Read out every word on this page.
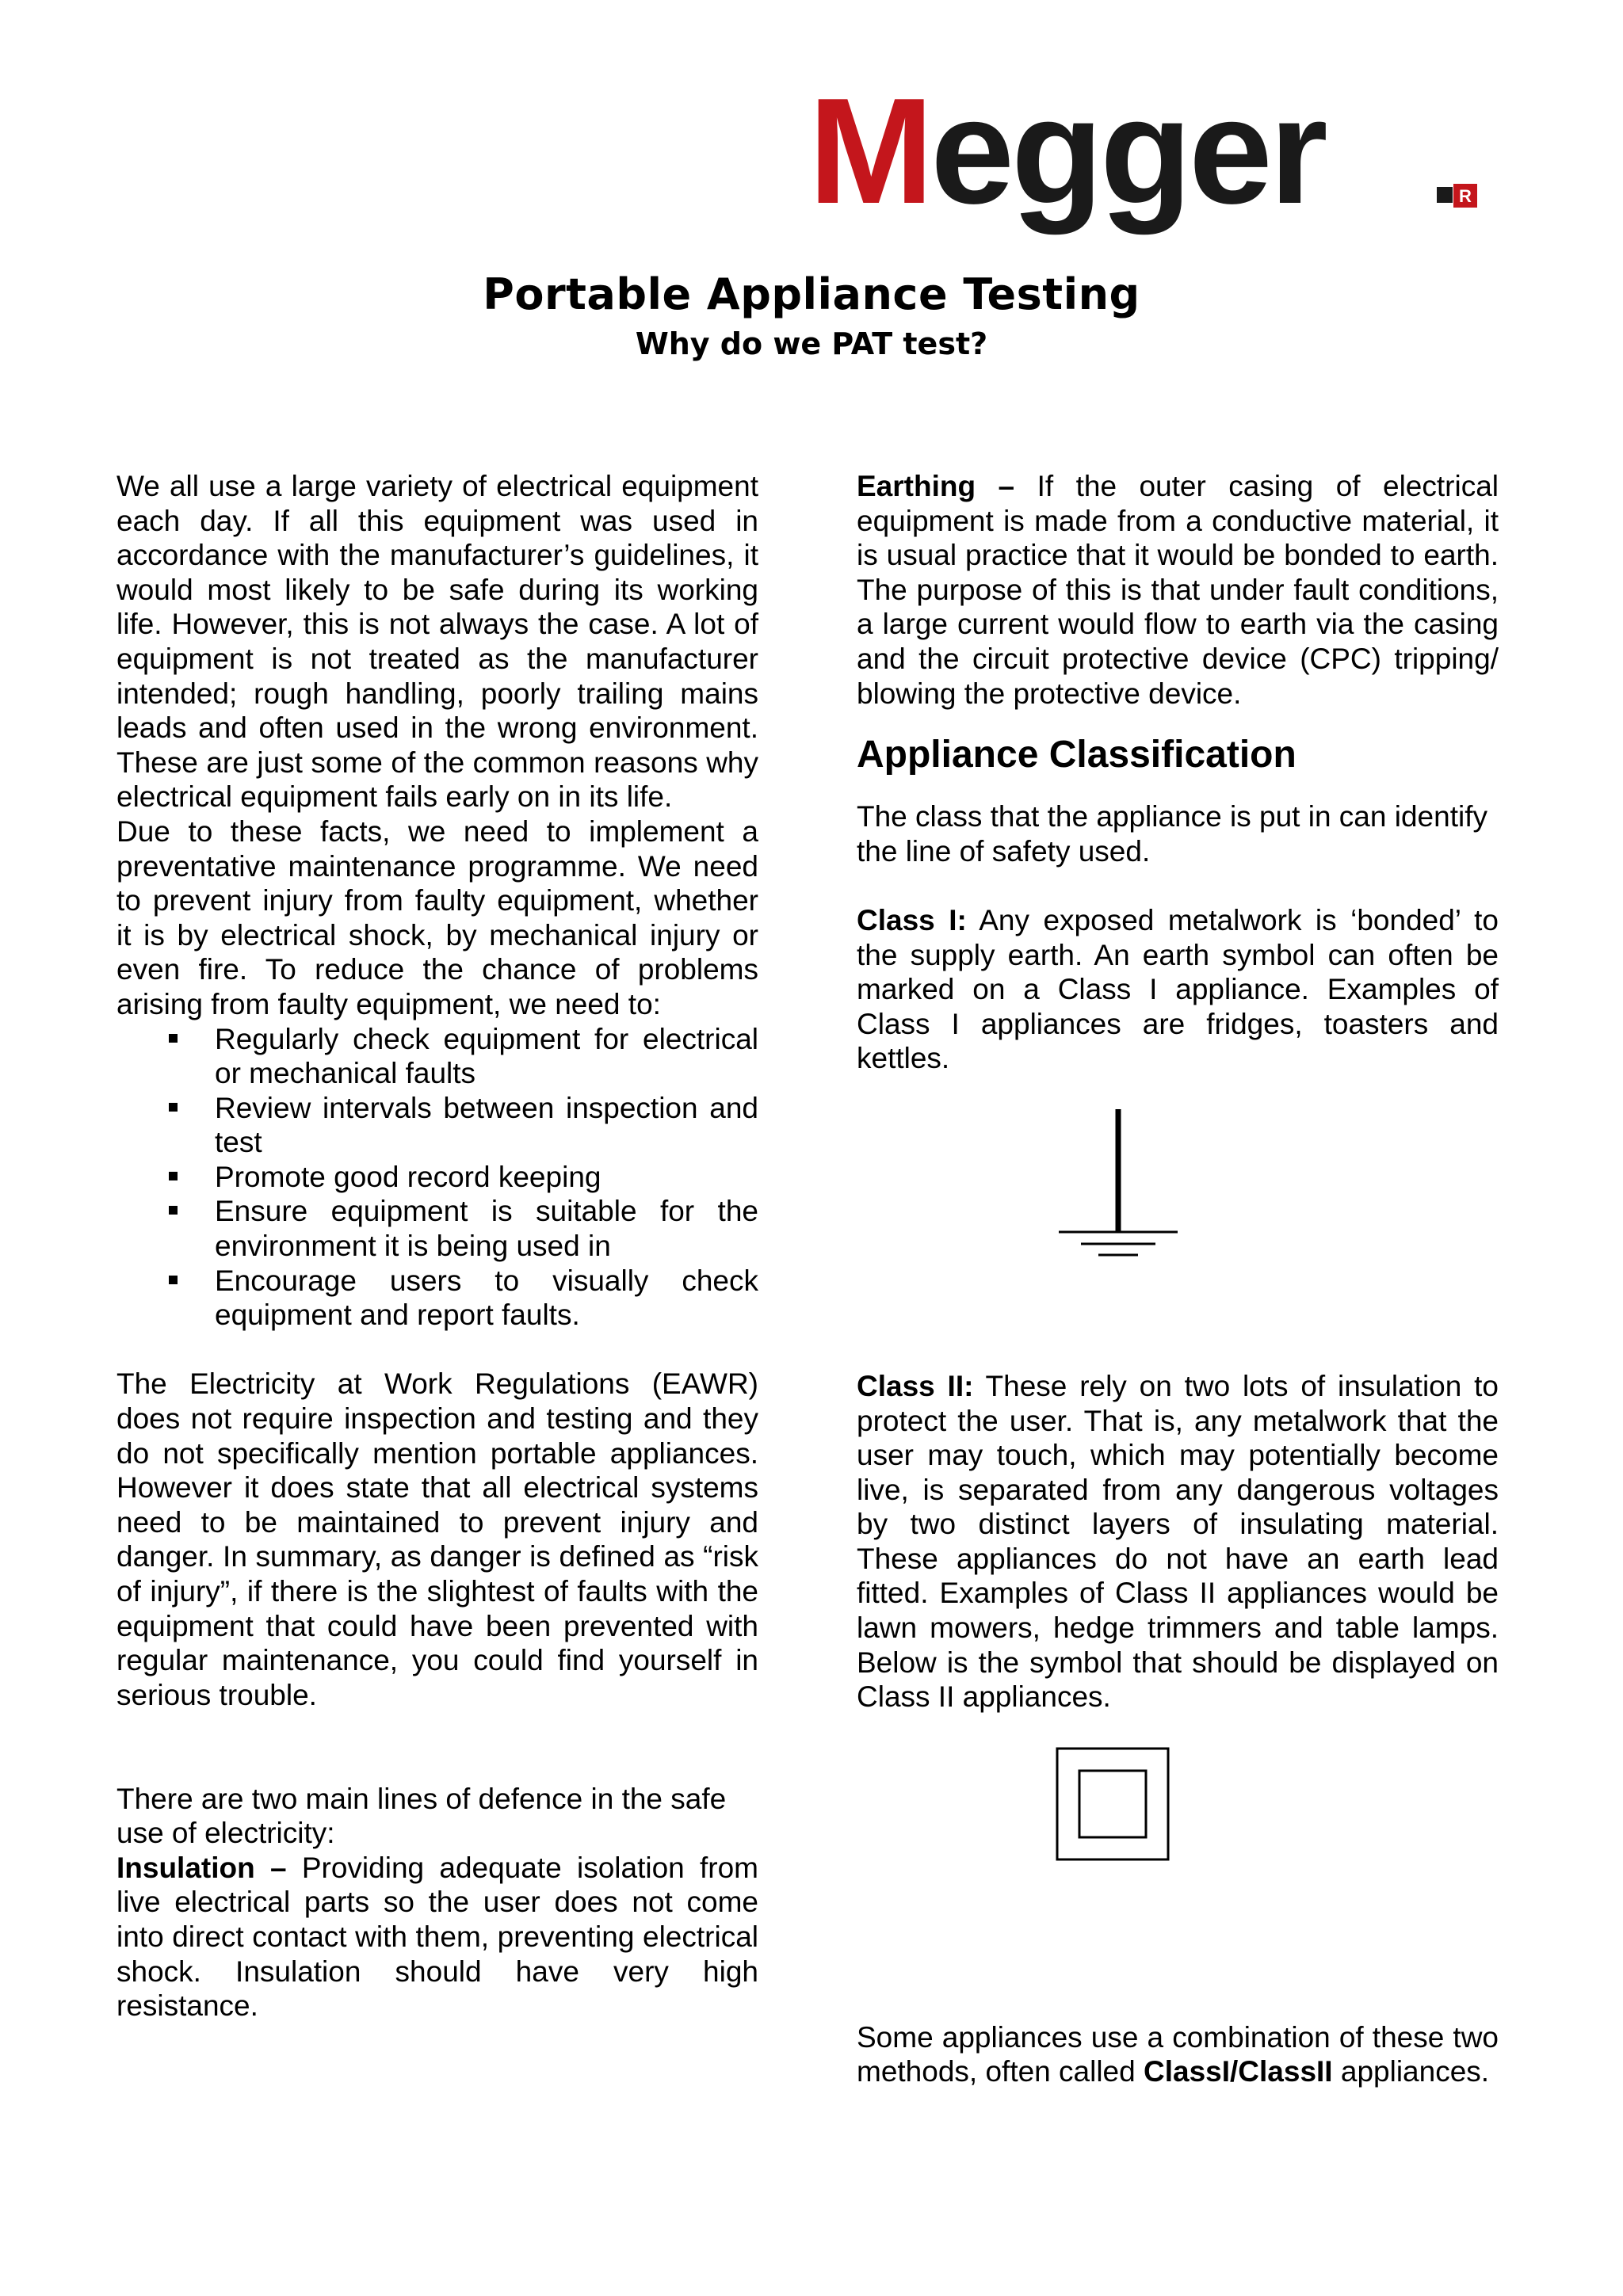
Megger	R
Portable Appliance Testing
Why do we PAT test?

We all use a large variety of electrical equipment each day. If all this equipment was used in accordance with the manufacturer’s guidelines, it would most likely to be safe during its working life. However, this is not always the case. A lot of equipment is not treated as the manufacturer intended; rough handling, poorly trailing mains leads and often used in the wrong environment. These are just some of the common reasons why electrical equipment fails early on in its life.

Due to these facts, we need to implement a preventative maintenance programme. We need to prevent injury from faulty equipment, whether it is by electrical shock, by mechanical injury or even fire. To reduce the chance of problems arising from faulty equipment, we need to:

Regularly check equipment for electrical or mechanical faults
Review intervals between inspection and test
Promote good record keeping
Ensure equipment is suitable for the environment it is being used in
Encourage users to visually check equipment and report faults.

The Electricity at Work Regulations (EAWR) does not require inspection and testing and they do not specifically mention portable appliances. However it does state that all electrical systems need to be maintained to prevent injury and danger. In summary, as danger is defined as “risk of injury”, if there is the slightest of faults with the equipment that could have been prevented with regular maintenance, you could find yourself in serious trouble.

There are two main lines of defence in the safe use of electricity:

Insulation – Providing adequate isolation from live electrical parts so the user does not come into direct contact with them, preventing electrical shock. Insulation should have very high resistance.

Earthing – If the outer casing of electrical equipment is made from a conductive material, it is usual practice that it would be bonded to earth. The purpose of this is that under fault conditions, a large current would flow to earth via the casing and the circuit protective device (CPC) tripping/ blowing the protective device.

Appliance Classification

The class that the appliance is put in can identify the line of safety used.

Class I: Any exposed metalwork is ‘bonded’ to the supply earth. An earth symbol can often be marked on a Class I appliance. Examples of Class I appliances are fridges, toasters and kettles.

Class II: These rely on two lots of insulation to protect the user. That is, any metalwork that the user may touch, which may potentially become live, is separated from any dangerous voltages by two distinct layers of insulating material. These appliances do not have an earth lead fitted. Examples of Class II appliances would be lawn mowers, hedge trimmers and table lamps. Below is the symbol that should be displayed on Class II appliances.

Some appliances use a combination of these two methods, often called ClassI/ClassII appliances.
